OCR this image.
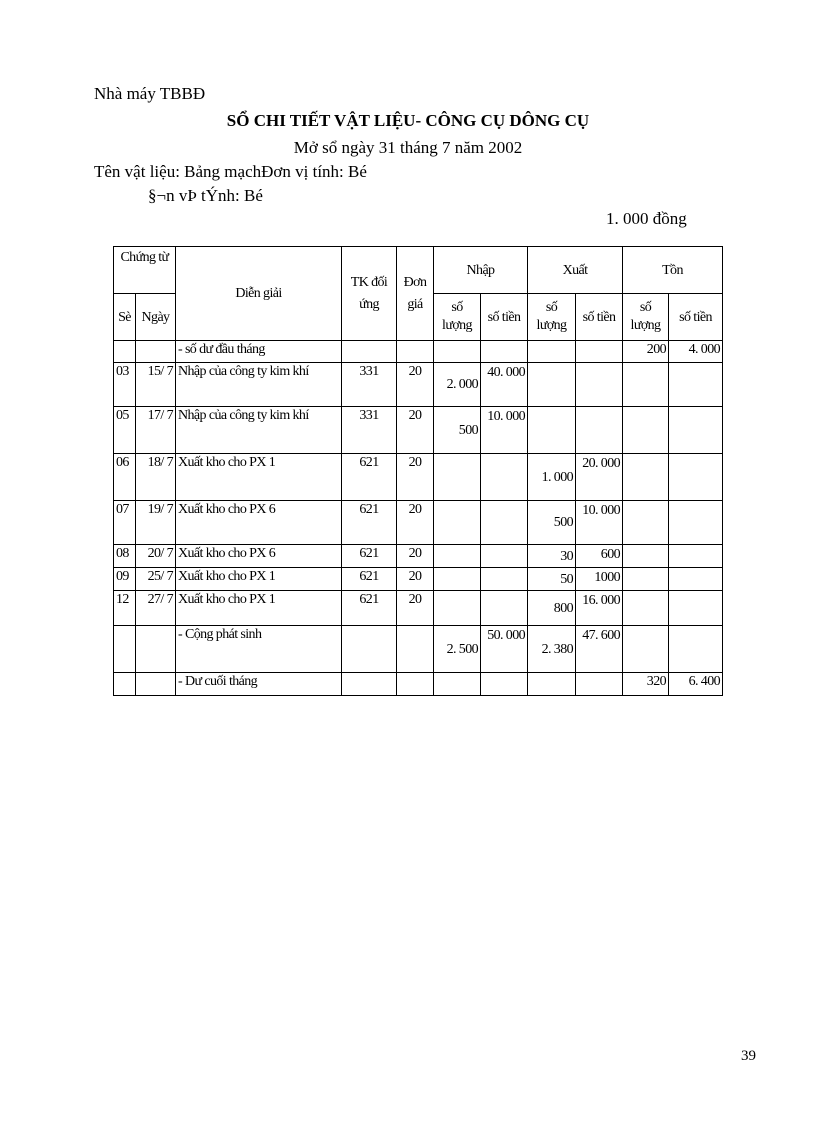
Nhà máy TBBĐ
SỔ CHI TIẾT VẬT LIỆU- CÔNG CỤ DÔNG CỤ
Mở sổ ngày 31 tháng 7 năm 2002
Tên vật liệu: Bảng mạchĐơn vị tính: Bé
§¬n vÞ tÝnh: Bé
1. 000 đồng
Chứng từ		Diễn giải	TK đối ứng	Đơn giá	Nhập		Xuất		Tồn	
Sè	Ngày				số lượng	số tiền	số lượng	số tiền	số lượng	số tiền
		- số dư đầu tháng							200	4. 000
03	15/ 7	Nhập của công ty kim khí	331	20	2. 000	40. 000				
05	17/ 7	Nhập của công ty kim khí	331	20	500	10. 000				
06	18/ 7	Xuất kho cho PX 1	621	20			1. 000	20. 000		
07	19/ 7	Xuất kho cho PX 6	621	20			500	10. 000		
08	20/ 7	Xuất kho cho PX 6	621	20			30	600		
09	25/ 7	Xuất kho cho PX 1	621	20			50	1000		
12	27/ 7	Xuất kho cho PX 1	621	20			800	16. 000		
		- Cộng phát sinh			2. 500	50. 000	2. 380	47. 600		
		- Dư cuối tháng							320	6. 400
39
